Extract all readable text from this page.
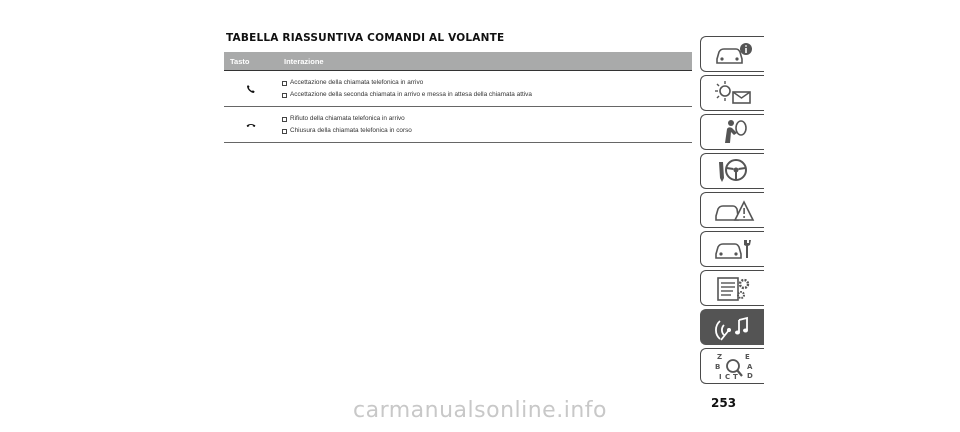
TABELLA RIASSUNTIVA COMANDI AL VOLANTE
Tasto	Interazione
Accettazione della chiamata telefonica in arrivo
Accettazione della seconda chiamata in arrivo e messa in attesa della chiamata attiva
Rifiuto della chiamata telefonica in arrivo
Chiusura della chiamata telefonica in corso
Z	E
B	A
I C T D
253
carmanualsonline.info
